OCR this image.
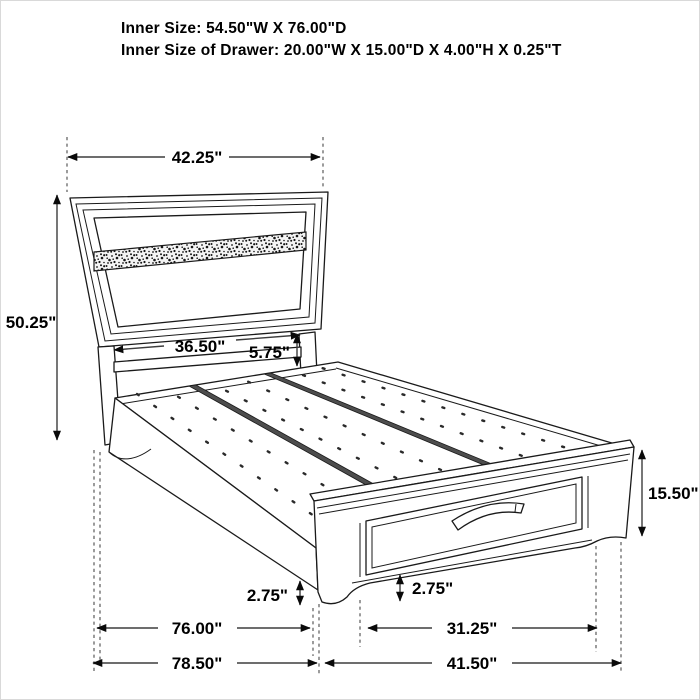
Inner Size: 54.50"W X 76.00"D
Inner Size of Drawer: 20.00"W X 15.00"D X 4.00"H X 0.25"T
42.25"
50.25"
36.50" 5.75"
15.50"
2.75"	2.75"
76.00"	31.25"
78.50"	41.50"
